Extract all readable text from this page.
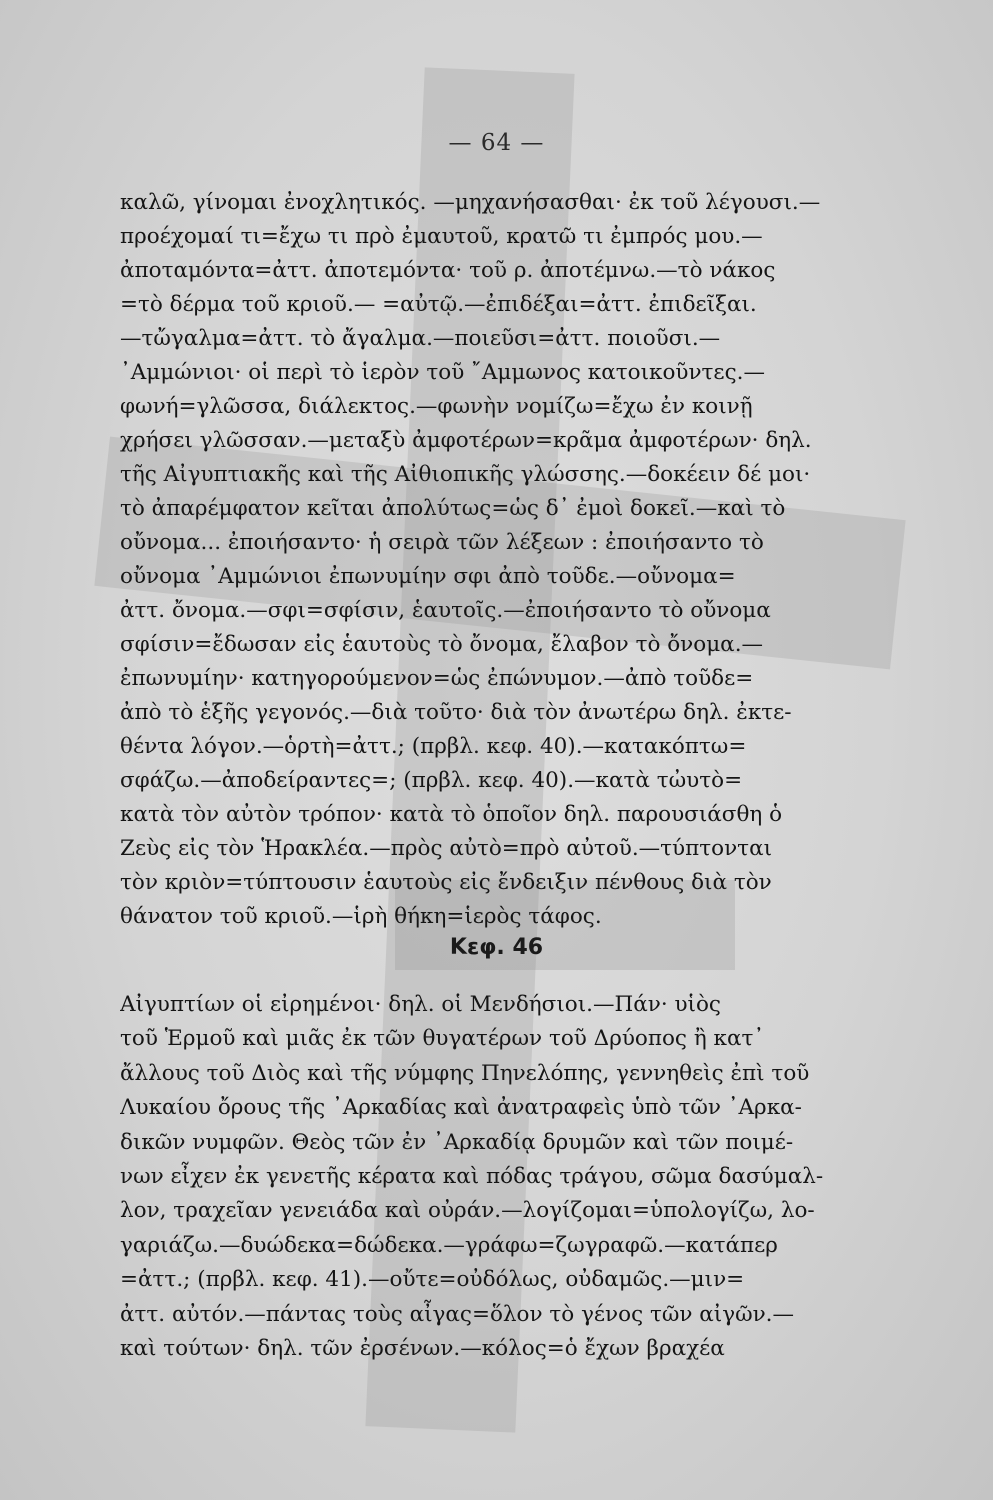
— 64 —
καλῶ, γίνομαι ἐνοχλητικός. —μηχανήσασθαι· ἐκ τοῦ λέγουσι.—
προέχομαί τι=ἔχω τι πρὸ ἐμαυτοῦ, κρατῶ τι ἐμπρός μου.—
ἀποταμόντα=ἀττ. ἀποτεμόντα· τοῦ ρ. ἀποτέμνω.—τὸ νάκος
=τὸ δέρμα τοῦ κριοῦ.— =αὐτῷ.—ἐπιδέξαι=ἀττ. ἐπιδεῖξαι.
—τὤγαλμα=ἀττ. τὸ ἄγαλμα.—ποιεῦσι=ἀττ. ποιοῦσι.—
᾽Αμμώνιοι· οἱ περὶ τὸ ἱερὸν τοῦ ῎Αμμωνος κατοικοῦντες.—
φωνή=γλῶσσα, διάλεκτος.—φωνὴν νομίζω=ἔχω ἐν κοινῇ
χρήσει γλῶσσαν.—μεταξὺ ἀμφοτέρων=κρᾶμα ἀμφοτέρων· δηλ.
τῆς Αἰγυπτιακῆς καὶ τῆς Αἰθιοπικῆς γλώσσης.—δοκέειν δέ μοι·
τὸ ἀπαρέμφατον κεῖται ἀπολύτως=ὡς δ᾽ ἐμοὶ δοκεῖ.—καὶ τὸ
οὔνομα... ἐποιήσαντο· ἡ σειρὰ τῶν λέξεων : ἐποιήσαντο τὸ
οὔνομα ᾽Αμμώνιοι ἐπωνυμίην σφι ἀπὸ τοῦδε.—οὔνομα=
ἀττ. ὄνομα.—σφι=σφίσιν, ἑαυτοῖς.—ἐποιήσαντο τὸ οὔνομα
σφίσιν=ἔδωσαν εἰς ἑαυτοὺς τὸ ὄνομα, ἔλαβον τὸ ὄνομα.—
ἐπωνυμίην· κατηγορούμενον=ὡς ἐπώνυμον.—ἀπὸ τοῦδε=
ἀπὸ τὸ ἑξῆς γεγονός.—διὰ τοῦτο· διὰ τὸν ἀνωτέρω δηλ. ἐκτε-
θέντα λόγον.—ὁρτὴ=ἀττ.; (πρβλ. κεφ. 40).—κατακόπτω=
σφάζω.—ἀποδείραντες=; (πρβλ. κεφ. 40).—κατὰ τὠυτὸ=
κατὰ τὸν αὐτὸν τρόπον· κατὰ τὸ ὁποῖον δηλ. παρουσιάσθη ὁ
Ζεὺς εἰς τὸν Ἡρακλέα.—πρὸς αὐτὸ=πρὸ αὐτοῦ.—τύπτονται
τὸν κριὸν=τύπτουσιν ἑαυτοὺς εἰς ἔνδειξιν πένθους διὰ τὸν
θάνατον τοῦ κριοῦ.—ἱρὴ θήκη=ἱερὸς τάφος.
Κεφ. 46
Αἰγυπτίων οἱ εἰρημένοι· δηλ. οἱ Μενδήσιοι.—Πάν· υἱὸς
τοῦ Ἑρμοῦ καὶ μιᾶς ἐκ τῶν θυγατέρων τοῦ Δρύοπος ἢ κατ᾽
ἄλλους τοῦ Διὸς καὶ τῆς νύμφης Πηνελόπης, γεννηθεὶς ἐπὶ τοῦ
Λυκαίου ὄρους τῆς ᾽Αρκαδίας καὶ ἀνατραφεὶς ὑπὸ τῶν ᾽Αρκα-
δικῶν νυμφῶν. Θεὸς τῶν ἐν ᾽Αρκαδίᾳ δρυμῶν καὶ τῶν ποιμέ-
νων εἶχεν ἐκ γενετῆς κέρατα καὶ πόδας τράγου, σῶμα δασύμαλ-
λον, τραχεῖαν γενειάδα καὶ οὐράν.—λογίζομαι=ὑπολογίζω, λο-
γαριάζω.—δυώδεκα=δώδεκα.—γράφω=ζωγραφῶ.—κατάπερ
=ἀττ.; (πρβλ. κεφ. 41).—οὔτε=οὐδόλως, οὐδαμῶς.—μιν=
ἀττ. αὐτόν.—πάντας τοὺς αἶγας=ὅλον τὸ γένος τῶν αἰγῶν.—
καὶ τούτων· δηλ. τῶν ἐρσένων.—κόλος=ὁ ἔχων βραχέα
